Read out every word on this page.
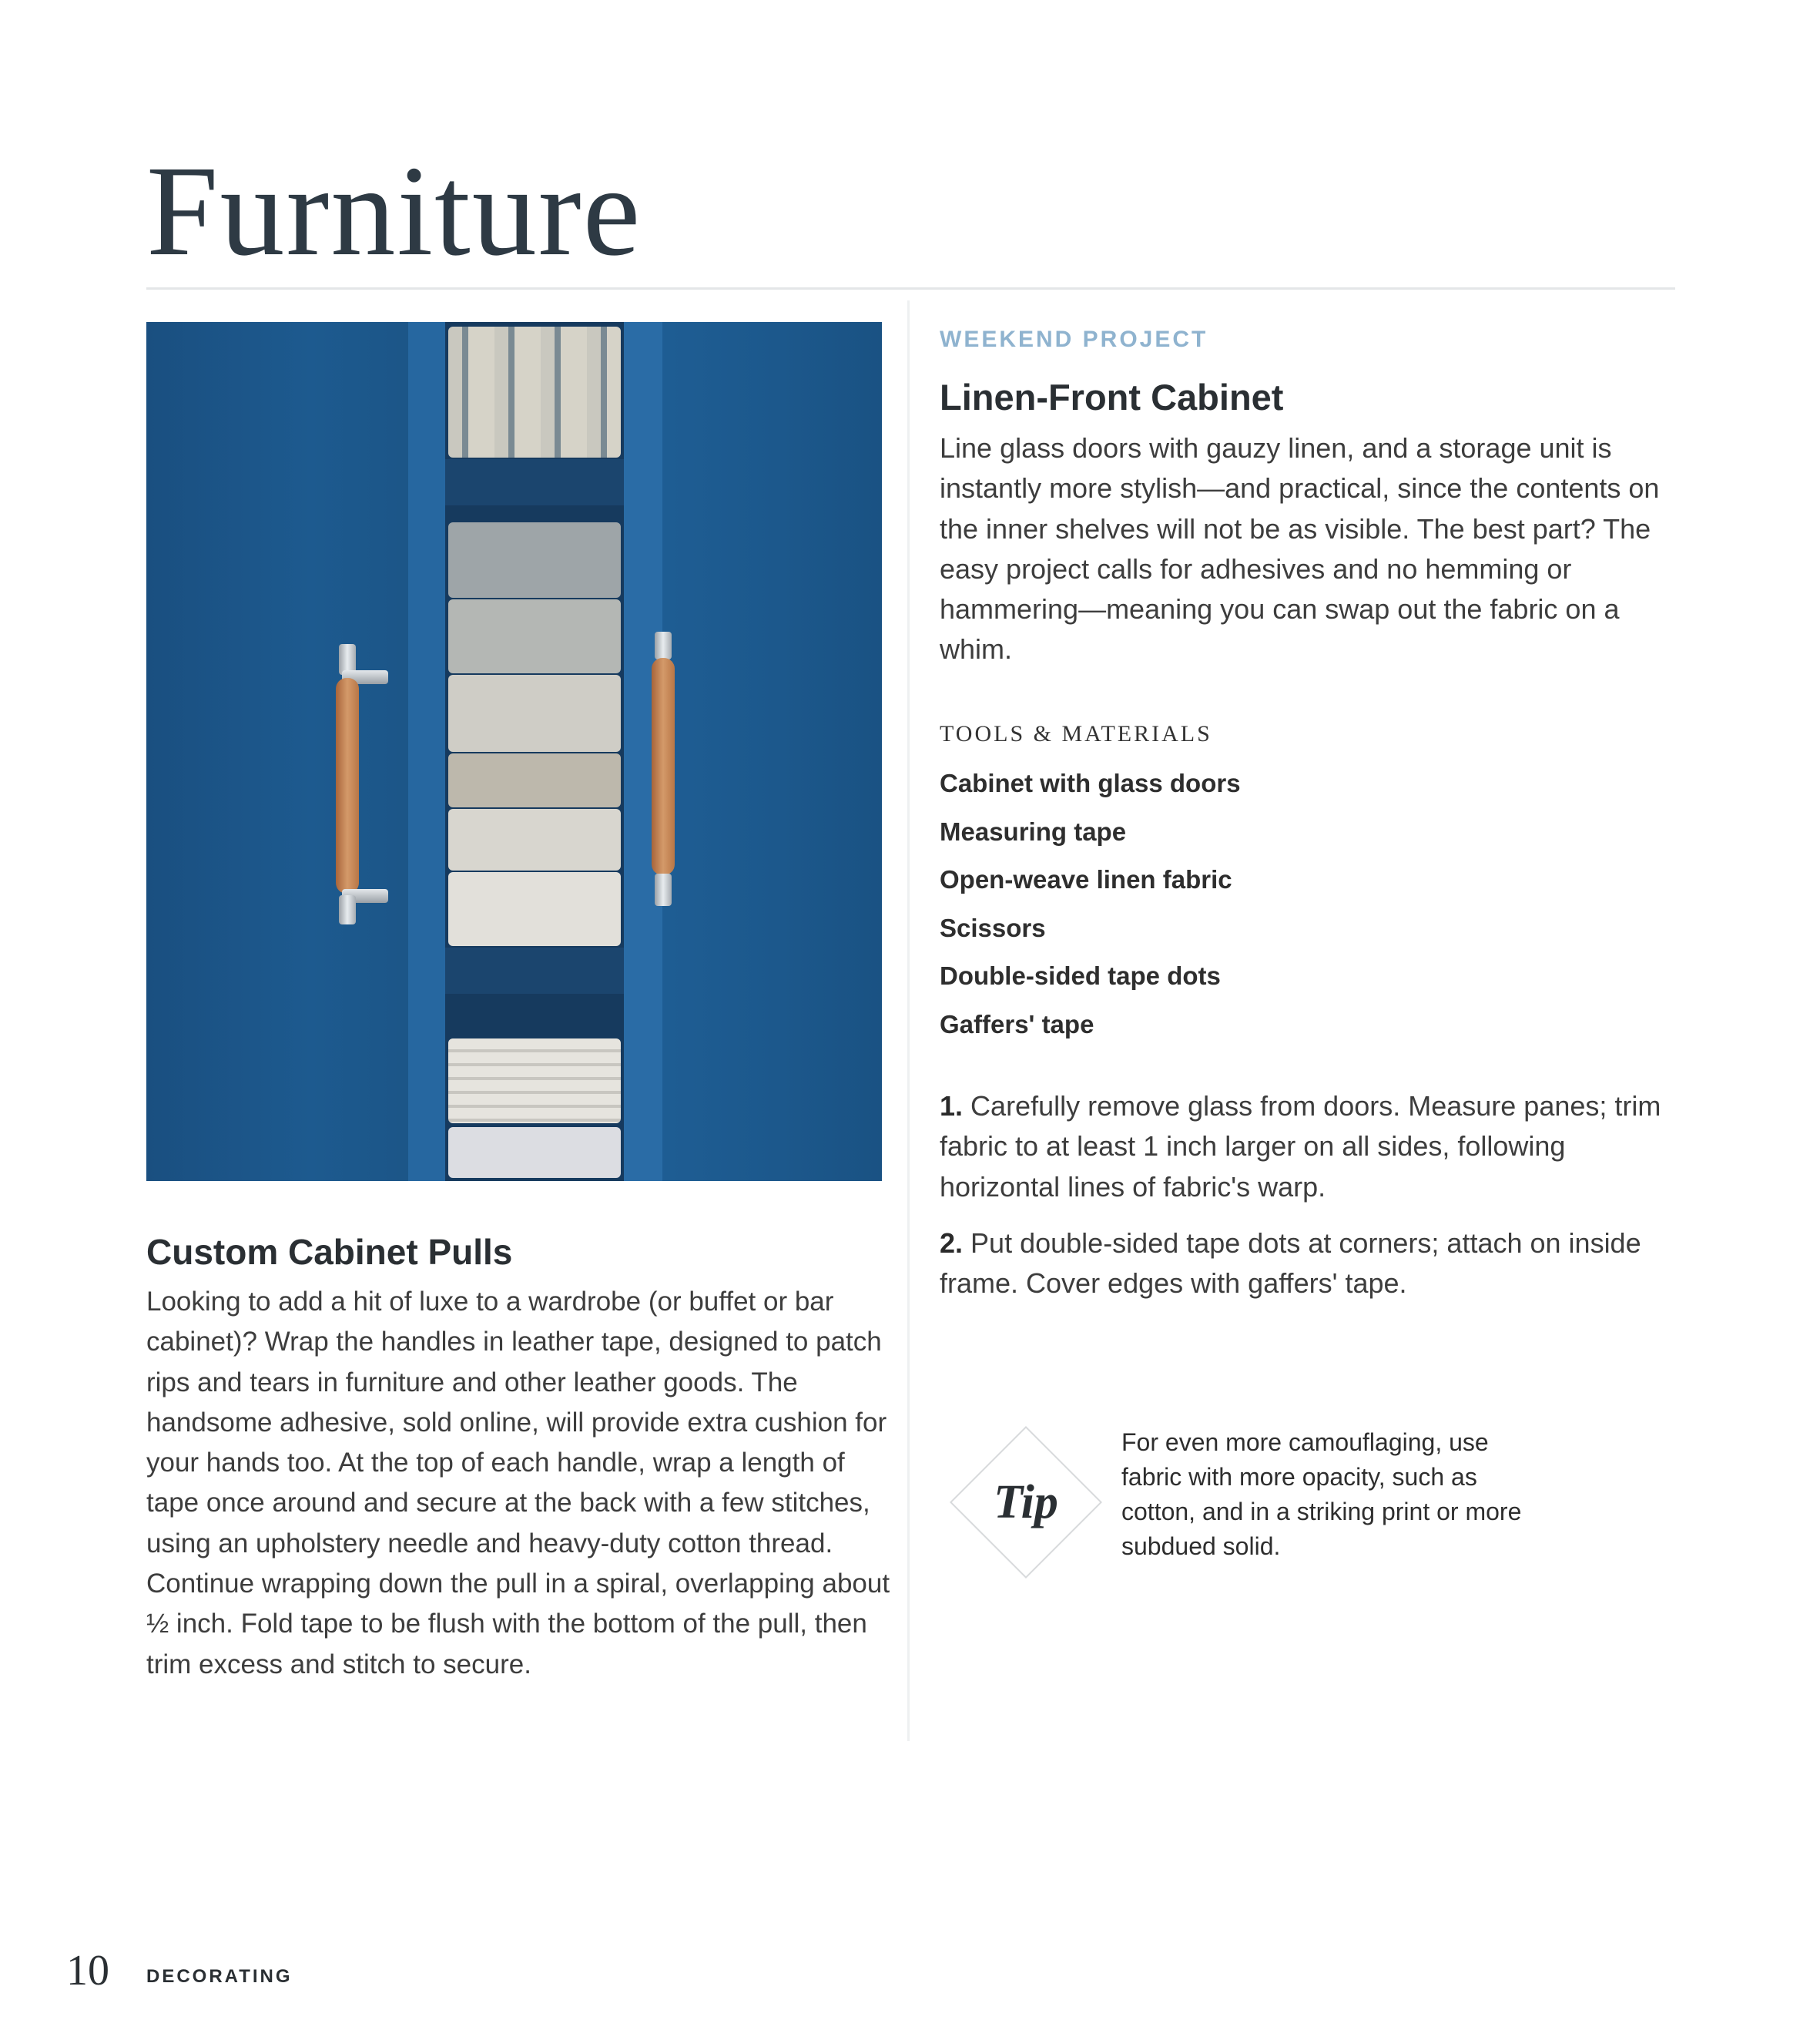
Furniture
Custom Cabinet Pulls

Looking to add a hit of luxe to a wardrobe (or buffet or bar cabinet)? Wrap the handles in leather tape, designed to patch rips and tears in furniture and other leather goods. The handsome adhesive, sold online, will provide extra cushion for your hands too. At the top of each handle, wrap a length of tape once around and secure at the back with a few stitches, using an upholstery needle and heavy-duty cotton thread. Continue wrapping down the pull in a spiral, overlapping about ½ inch. Fold tape to be flush with the bottom of the pull, then trim excess and stitch to secure.

WEEKEND PROJECT
Linen-Front Cabinet

Line glass doors with gauzy linen, and a storage unit is instantly more stylish—and practical, since the contents on the inner shelves will not be as visible. The best part? The easy project calls for adhesives and no hemming or hammering—meaning you can swap out the fabric on a whim.

TOOLS & MATERIALS
Cabinet with glass doors
Measuring tape
Open-weave linen fabric
Scissors
Double-sided tape dots
Gaffers' tape

1. Carefully remove glass from doors. Measure panes; trim fabric to at least 1 inch larger on all sides, following horizontal lines of fabric's warp.

2. Put double-sided tape dots at corners; attach on inside frame. Cover edges with gaffers' tape.

Tip

For even more camouflaging, use fabric with more opacity, such as cotton, and in a striking print or more subdued solid.

10 DECORATING
